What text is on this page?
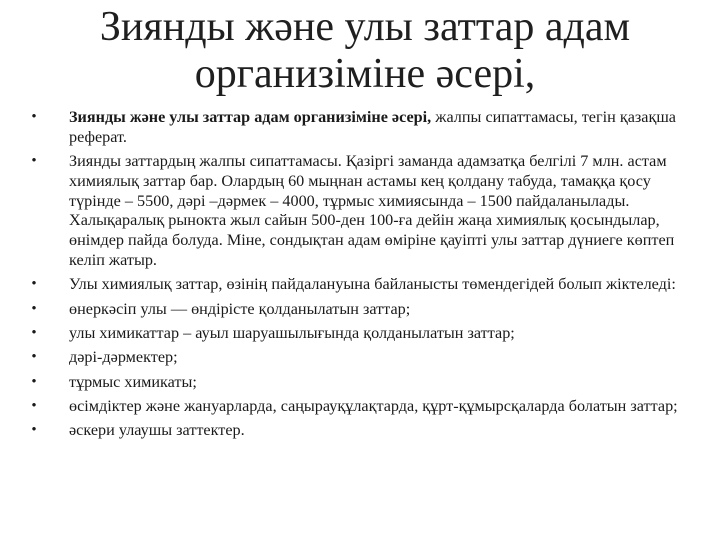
Зиянды және улы заттар адам
организіміне әсері,
• Зиянды және улы заттар адам организіміне әсері, жалпы сипаттамасы, тегін қазақша реферат.
• Зиянды заттардың жалпы сипаттамасы. Қазіргі заманда адамзатқа белгілі 7 млн. астам химиялық заттар бар. Олардың 60 мыңнан астамы кең қолдану табуда, тамаққа қосу түрінде – 5500, дәрі –дәрмек – 4000, тұрмыс химиясында – 1500 пайдаланылады. Халықаралық рынокта жыл сайын 500-ден 100-ға дейін жаңа химиялық қосындылар, өнімдер пайда болуда. Міне, сондықтан адам өміріне қауіпті улы заттар дүниеге көптеп келіп жатыр.
• Улы химиялық заттар, өзінің пайдалануына байланысты төмендегідей болып жіктеледі:
• өнеркәсіп улы — өндірісте қолданылатын заттар;
• улы химикаттар – ауыл шаруашылығында қолданылатын заттар;
• дәрі-дәрмектер;
• тұрмыс химикаты;
• өсімдіктер және жануарларда, саңырауқұлақтарда, құрт-құмырсқаларда болатын заттар;
• әскери улаушы заттектер.
